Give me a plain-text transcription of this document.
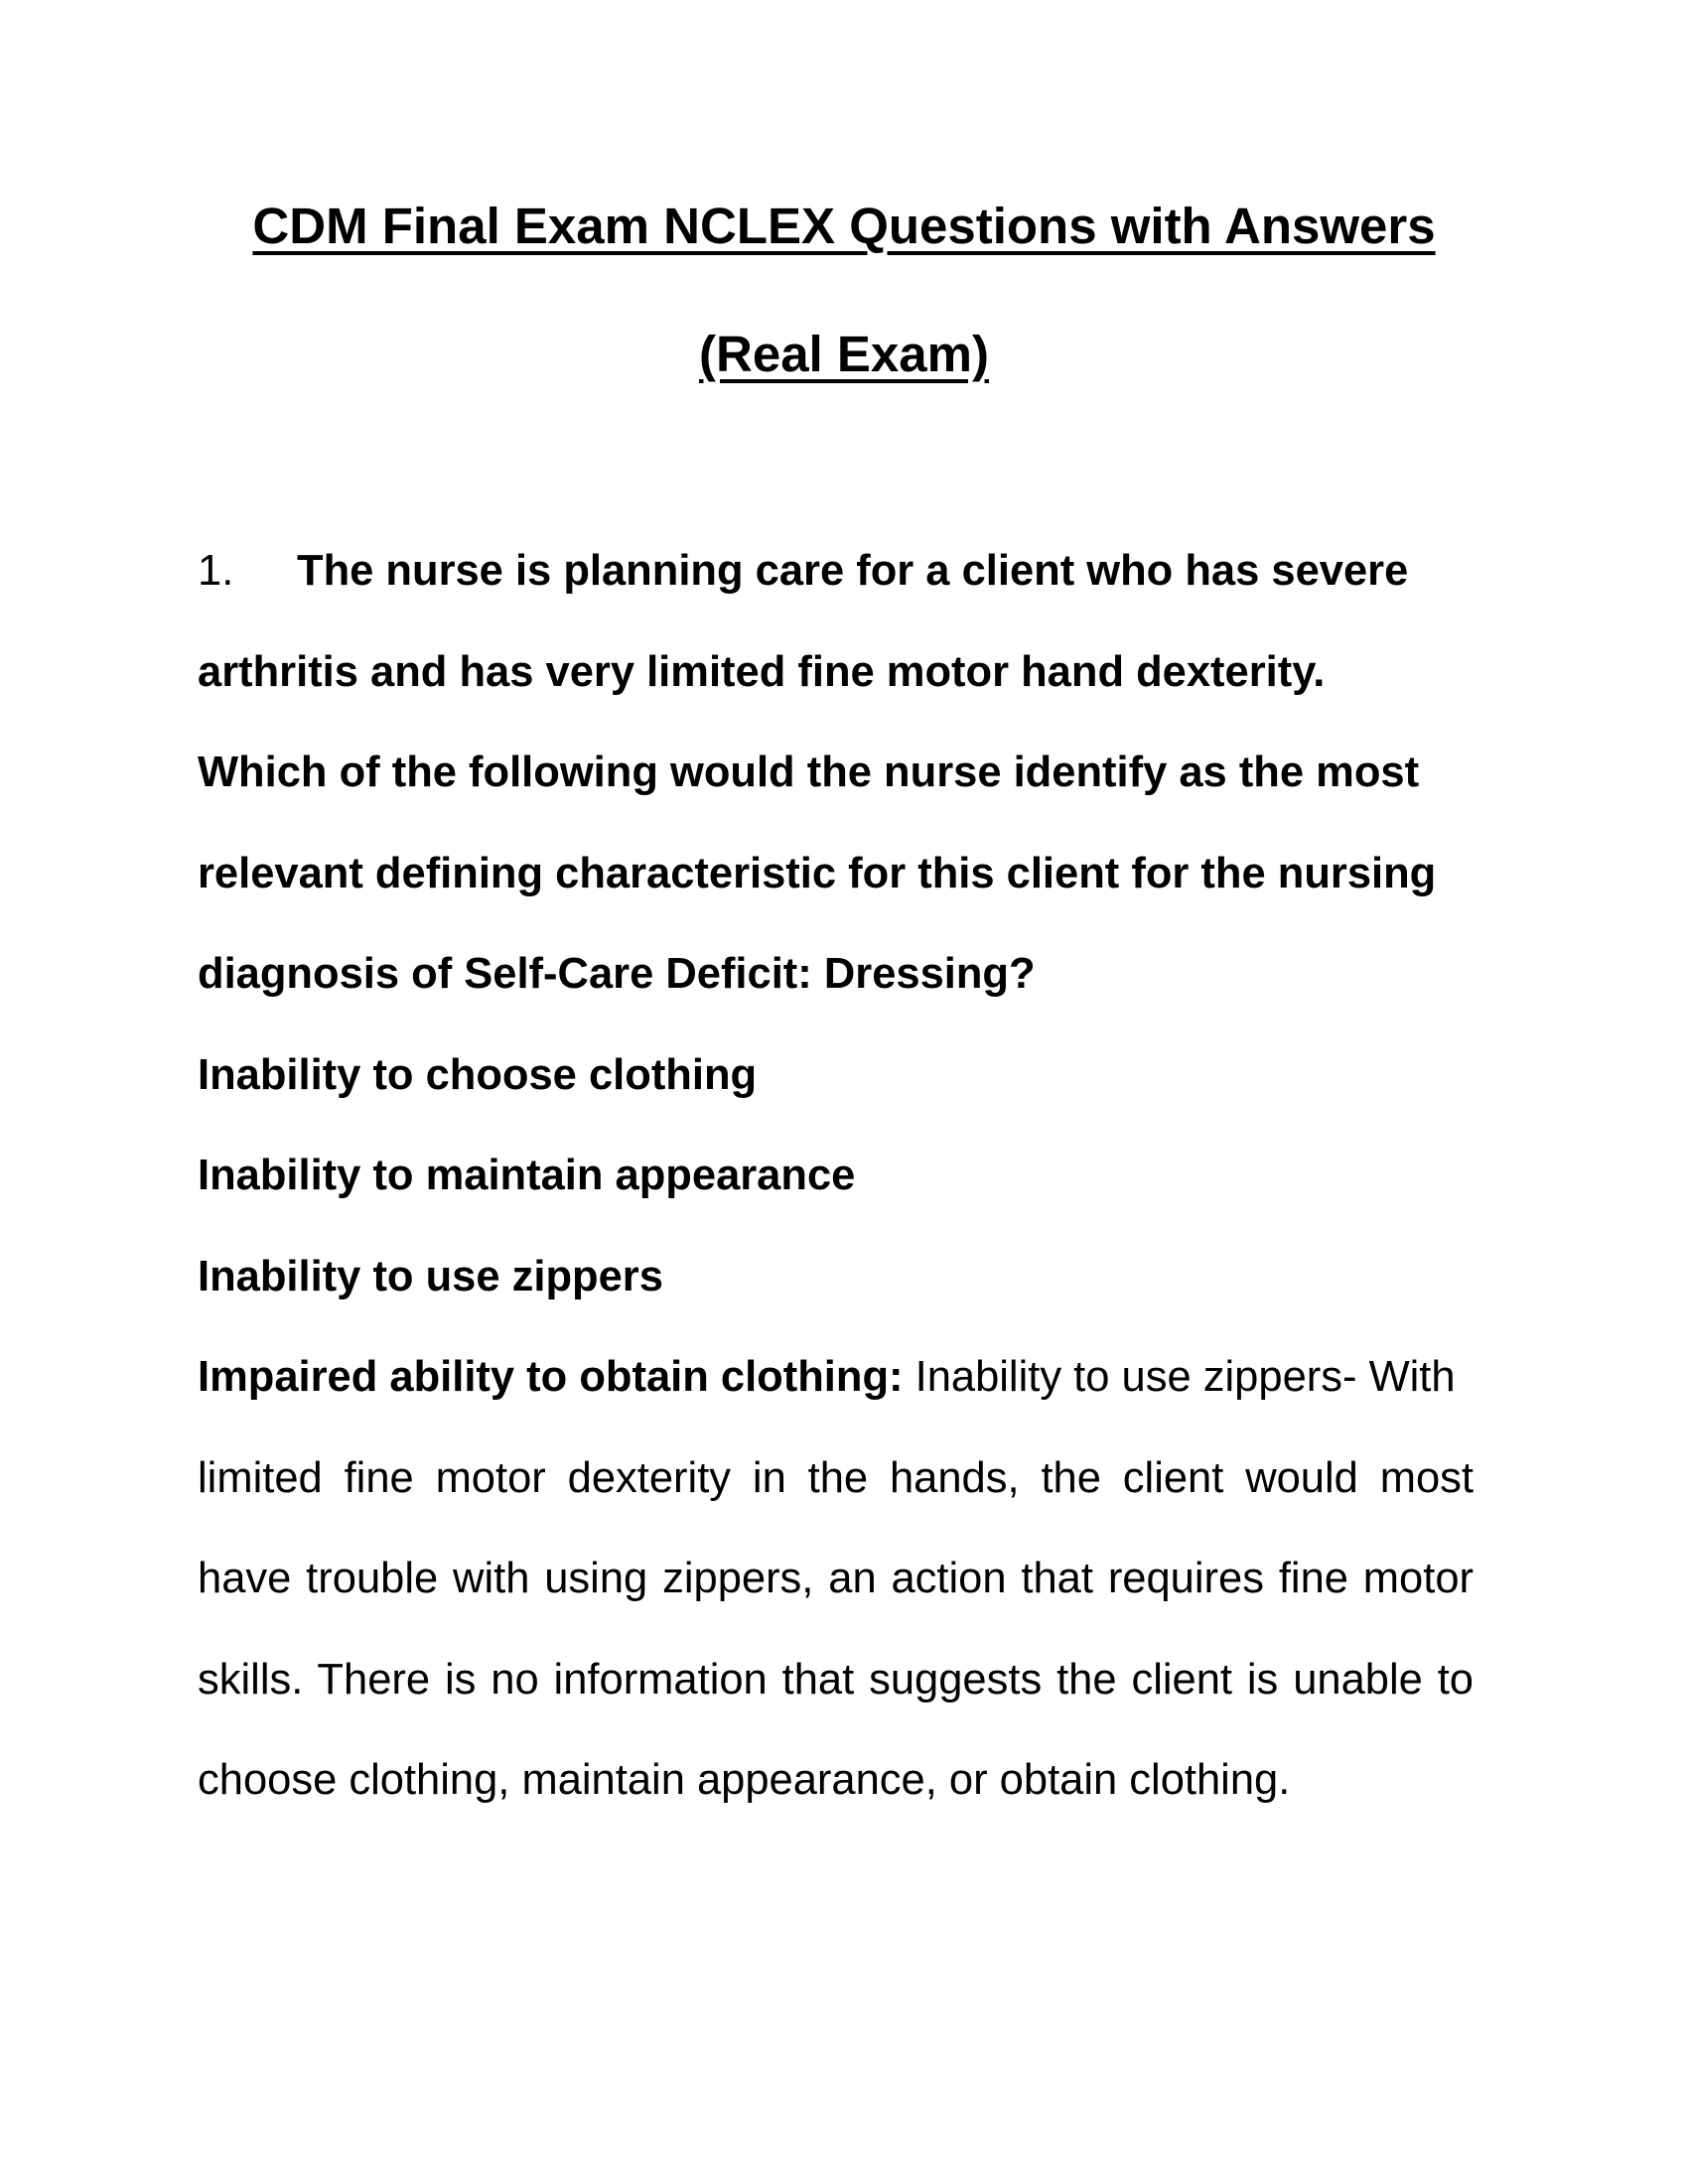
CDM Final Exam NCLEX Questions with Answers
(Real Exam)
1. The nurse is planning care for a client who has severe
arthritis and has very limited fine motor hand dexterity.
Which of the following would the nurse identify as the most
relevant defining characteristic for this client for the nursing
diagnosis of Self-Care Deficit: Dressing?
Inability to choose clothing
Inability to maintain appearance
Inability to use zippers
Impaired ability to obtain clothing: Inability to use zippers- With
limited fine motor dexterity in the hands, the client would most
have trouble with using zippers, an action that requires fine motor
skills. There is no information that suggests the client is unable to
choose clothing, maintain appearance, or obtain clothing.
